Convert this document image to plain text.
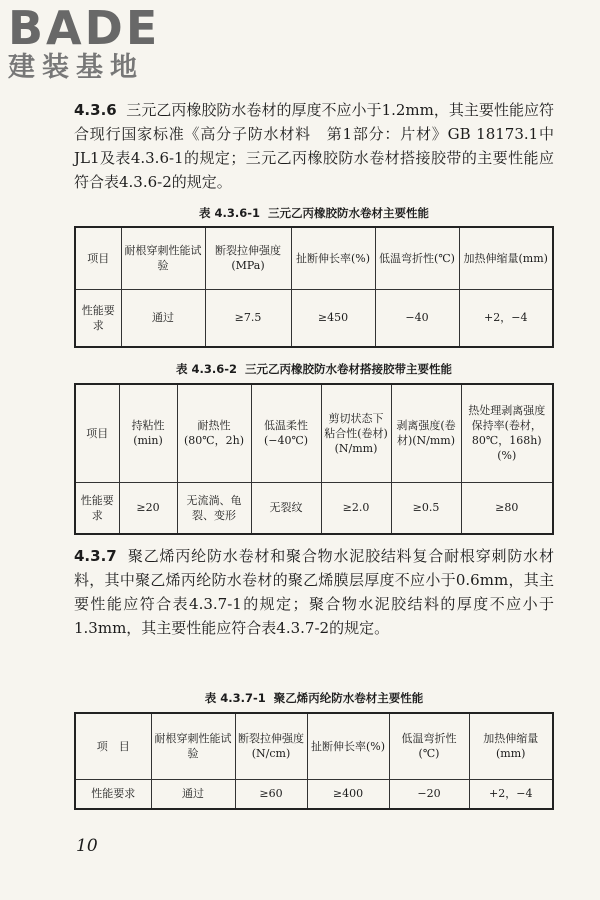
BADE
建装基地

4.3.6 三元乙丙橡胶防水卷材的厚度不应小于1.2mm，其主要性能应符合现行国家标准《高分子防水材料　第1部分：片材》GB 18173.1中JL1及表4.3.6-1的规定；三元乙丙橡胶防水卷材搭接胶带的主要性能应符合表4.3.6-2的规定。

表 4.3.6-1 三元乙丙橡胶防水卷材主要性能

项目	耐根穿刺性能试验	断裂拉伸强度(MPa)	扯断伸长率(%)	低温弯折性(℃)	加热伸缩量(mm)
性能要求	通过	≥7.5	≥450	−40	+2，−4

表 4.3.6-2 三元乙丙橡胶防水卷材搭接胶带主要性能

项目	持粘性(min)	耐热性(80℃，2h)	低温柔性(−40℃)	剪切状态下粘合性(卷材)(N/mm)	剥离强度(卷材)(N/mm)	热处理剥离强度保持率(卷材，80℃，168h)(%)
性能要求	≥20	无流淌、龟裂、变形	无裂纹	≥2.0	≥0.5	≥80

4.3.7 聚乙烯丙纶防水卷材和聚合物水泥胶结料复合耐根穿刺防水材料，其中聚乙烯丙纶防水卷材的聚乙烯膜层厚度不应小于0.6mm，其主要性能应符合表4.3.7-1的规定；聚合物水泥胶结料的厚度不应小于1.3mm，其主要性能应符合表4.3.7-2的规定。

表 4.3.7-1 聚乙烯丙纶防水卷材主要性能

项　目	耐根穿刺性能试验	断裂拉伸强度(N/cm)	扯断伸长率(%)	低温弯折性(℃)	加热伸缩量(mm)
性能要求	通过	≥60	≥400	−20	+2，−4

10
